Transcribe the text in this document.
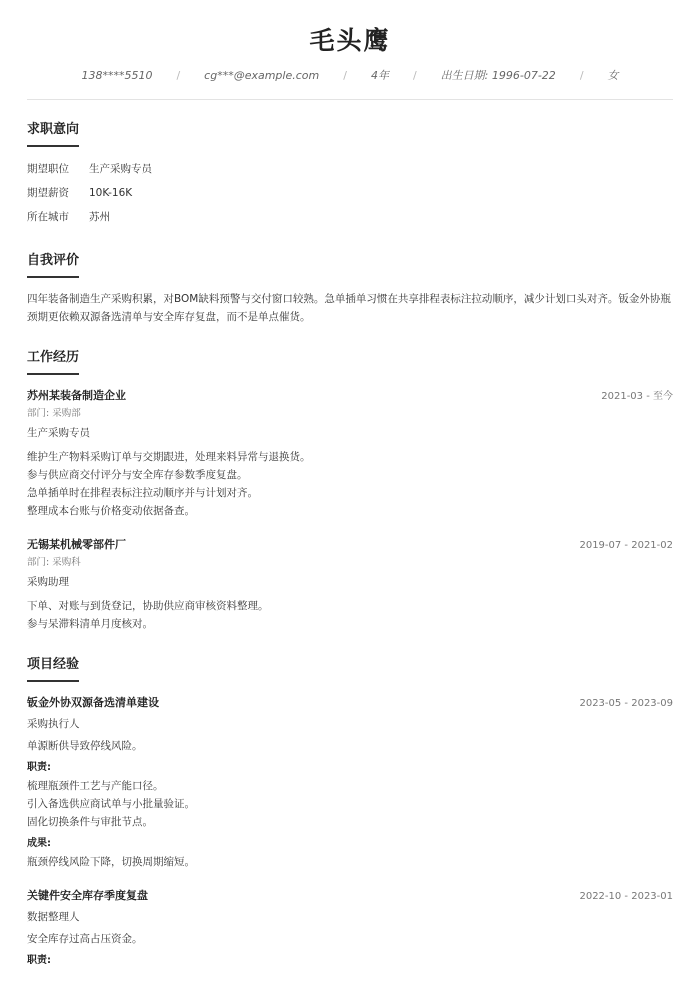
毛头鹰
138****5510 / cg***@example.com / 4年 / 出生日期: 1996-07-22 / 女
求职意向
期望职位	生产采购专员
期望薪资	10K-16K
所在城市	苏州
自我评价
四年装备制造生产采购积累，对BOM缺料预警与交付窗口较熟。急单插单习惯在共享排程表标注拉动顺序，减少计划口头对齐。钣金外协瓶颈期更依赖双源备选清单与安全库存复盘，而不是单点催货。
工作经历
苏州某装备制造企业	2021-03 - 至今
部门: 采购部
生产采购专员
维护生产物料采购订单与交期跟进，处理来料异常与退换货。
参与供应商交付评分与安全库存参数季度复盘。
急单插单时在排程表标注拉动顺序并与计划对齐。
整理成本台账与价格变动依据备查。
无锡某机械零部件厂	2019-07 - 2021-02
部门: 采购科
采购助理
下单、对账与到货登记，协助供应商审核资料整理。
参与呆滞料清单月度核对。
项目经验
钣金外协双源备选清单建设	2023-05 - 2023-09
采购执行人
单源断供导致停线风险。
职责:
梳理瓶颈件工艺与产能口径。
引入备选供应商试单与小批量验证。
固化切换条件与审批节点。
成果:
瓶颈停线风险下降，切换周期缩短。
关键件安全库存季度复盘	2022-10 - 2023-01
数据整理人
安全库存过高占压资金。
职责:
